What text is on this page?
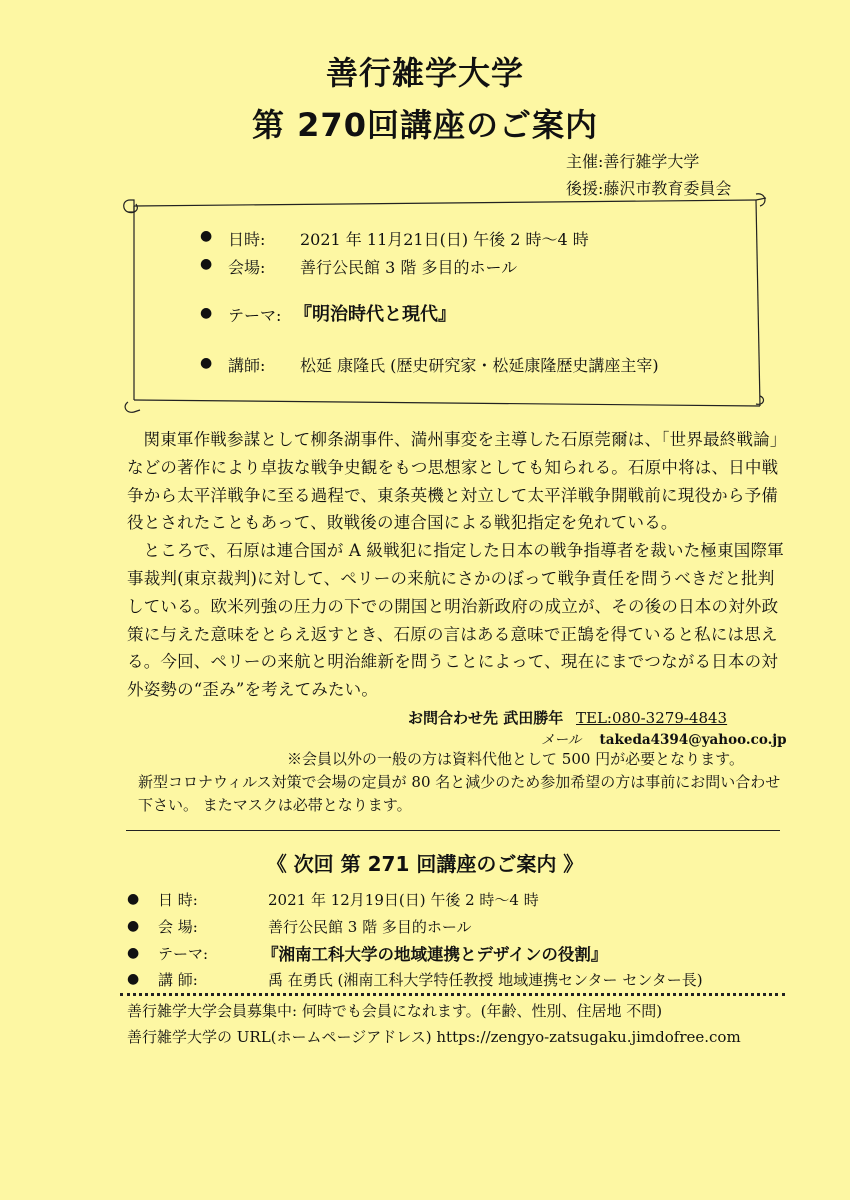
善行雑学大学
第 270回講座のご案内
主催:善行雑学大学
後援:藤沢市教育委員会
● 日時: 2021 年 11月21日(日) 午後 2 時～4 時
● 会場: 善行公民館 3 階 多目的ホール
● テーマ: 『明治時代と現代』
● 講師: 松延 康隆氏 (歴史研究家・松延康隆歴史講座主宰)

関東軍作戦参謀として柳条湖事件、満州事変を主導した石原莞爾は、「世界最終戦論」などの著作により卓抜な戦争史観をもつ思想家としても知られる。石原中将は、日中戦争から太平洋戦争に至る過程で、東条英機と対立して太平洋戦争開戦前に現役から予備役とされたこともあって、敗戦後の連合国による戦犯指定を免れている。

ところで、石原は連合国が A 級戦犯に指定した日本の戦争指導者を裁いた極東国際軍事裁判(東京裁判)に対して、ペリーの来航にさかのぼって戦争責任を問うべきだと批判している。欧米列強の圧力の下での開国と明治新政府の成立が、その後の日本の対外政策に与えた意味をとらえ返すとき、石原の言はある意味で正鵠を得ていると私には思える。今回、ペリーの来航と明治維新を問うことによって、現在にまでつながる日本の対外姿勢の“歪み”を考えてみたい。

お問合わせ先 武田勝年 TEL:080-3279-4843
メール takeda4394@yahoo.co.jp
※会員以外の一般の方は資料代他として 500 円が必要となります。
新型コロナウィルス対策で会場の定員が 80 名と減少のため参加希望の方は事前にお問い合わせ下さい。 またマスクは必帯となります。
《 次回 第 271 回講座のご案内 》
● 日 時:	2021 年 12月19日(日) 午後 2 時～4 時
● 会 場:	善行公民館 3 階 多目的ホール
● テーマ:	『湘南工科大学の地域連携とデザインの役割』
● 講 師:	禹 在勇氏 (湘南工科大学特任教授 地域連携センター センター長)
善行雑学大学会員募集中: 何時でも会員になれます。(年齢、性別、住居地 不問)
善行雑学大学の URL(ホームページアドレス) https://zengyo-zatsugaku.jimdofree.com
